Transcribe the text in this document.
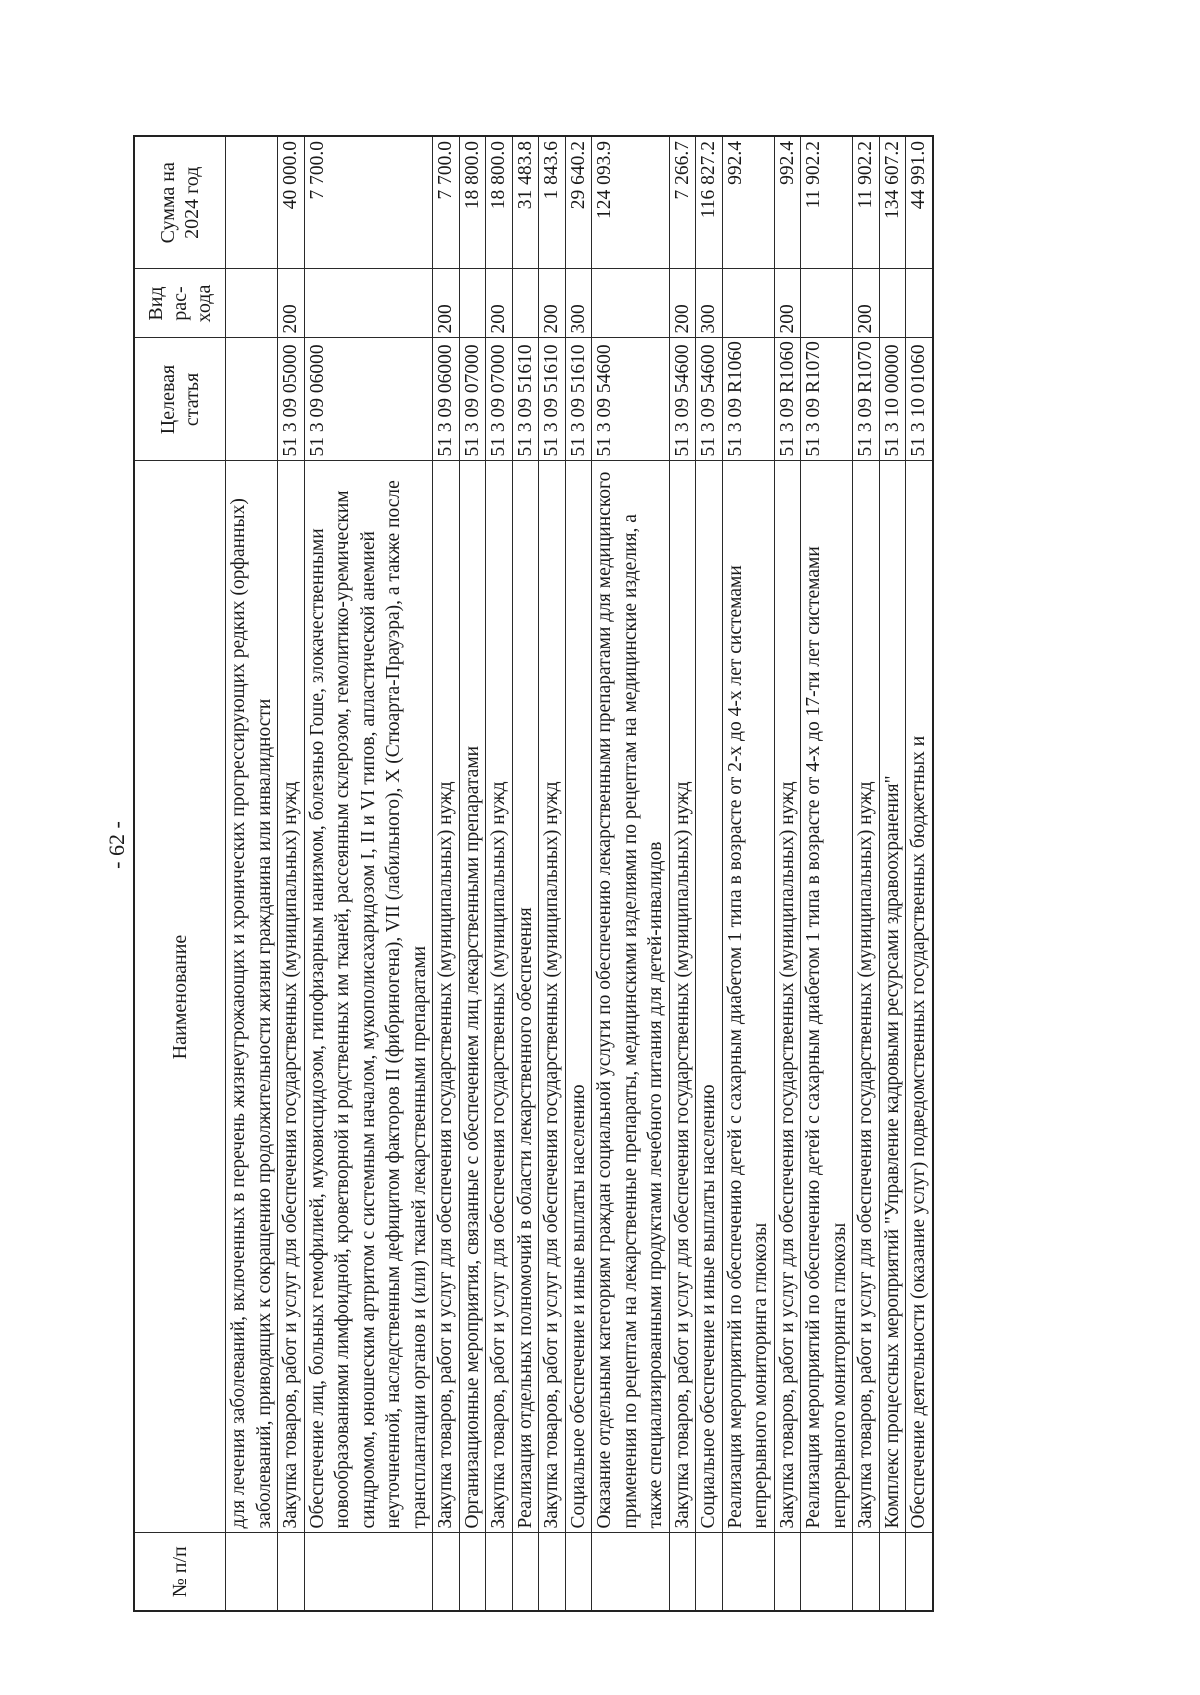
- 62 -
№ п/п	Наименование	Целевая статья	Вид рас- хода	Сумма на 2024 год
	для лечения заболеваний, включенных в перечень жизнеугрожающих и хронических прогрессирующих редких (орфанных) заболеваний, приводящих к сокращению продолжительности жизни гражданина или инвалидности			
	Закупка товаров, работ и услуг для обеспечения государственных (муниципальных) нужд	51 3 09 05000	200	40 000.0
	Обеспечение лиц, больных гемофилией, муковисцидозом, гипофизарным нанизмом, болезнью Гоше, злокачественными новообразованиями лимфоидной, кроветворной и родственных им тканей, рассеянным склерозом, гемолитико-уремическим синдромом, юношеским артритом с системным началом, мукополисахаридозом I, II и VI типов, апластической анемией неуточненной, наследственным дефицитом факторов II (фибриногена), VII (лабильного), X (Стюарта-Прауэра), а также после трансплантации органов и (или) тканей лекарственными препаратами	51 3 09 06000		7 700.0
	Закупка товаров, работ и услуг для обеспечения государственных (муниципальных) нужд	51 3 09 06000	200	7 700.0
	Организационные мероприятия, связанные с обеспечением лиц лекарственными препаратами	51 3 09 07000		18 800.0
	Закупка товаров, работ и услуг для обеспечения государственных (муниципальных) нужд	51 3 09 07000	200	18 800.0
	Реализация отдельных полномочий в области лекарственного обеспечения	51 3 09 51610		31 483.8
	Закупка товаров, работ и услуг для обеспечения государственных (муниципальных) нужд	51 3 09 51610	200	1 843.6
	Социальное обеспечение и иные выплаты населению	51 3 09 51610	300	29 640.2
	Оказание отдельным категориям граждан социальной услуги по обеспечению лекарственными препаратами для медицинского применения по рецептам на лекарственные препараты, медицинскими изделиями по рецептам на медицинские изделия, а также специализированными продуктами лечебного питания для детей-инвалидов	51 3 09 54600		124 093.9
	Закупка товаров, работ и услуг для обеспечения государственных (муниципальных) нужд	51 3 09 54600	200	7 266.7
	Социальное обеспечение и иные выплаты населению	51 3 09 54600	300	116 827.2
	Реализация мероприятий по обеспечению детей с сахарным диабетом 1 типа в возрасте от 2-х до 4-х лет системами непрерывного мониторинга глюкозы	51 3 09 R1060		992.4
	Закупка товаров, работ и услуг для обеспечения государственных (муниципальных) нужд	51 3 09 R1060	200	992.4
	Реализация мероприятий по обеспечению детей с сахарным диабетом 1 типа в возрасте от 4-х до 17-ти лет системами непрерывного мониторинга глюкозы	51 3 09 R1070		11 902.2
	Закупка товаров, работ и услуг для обеспечения государственных (муниципальных) нужд	51 3 09 R1070	200	11 902.2
	Комплекс процессных мероприятий "Управление кадровыми ресурсами здравоохранения"	51 3 10 00000		134 607.2
	Обеспечение деятельности (оказание услуг) подведомственных государственных бюджетных и	51 3 10 01060		44 991.0
